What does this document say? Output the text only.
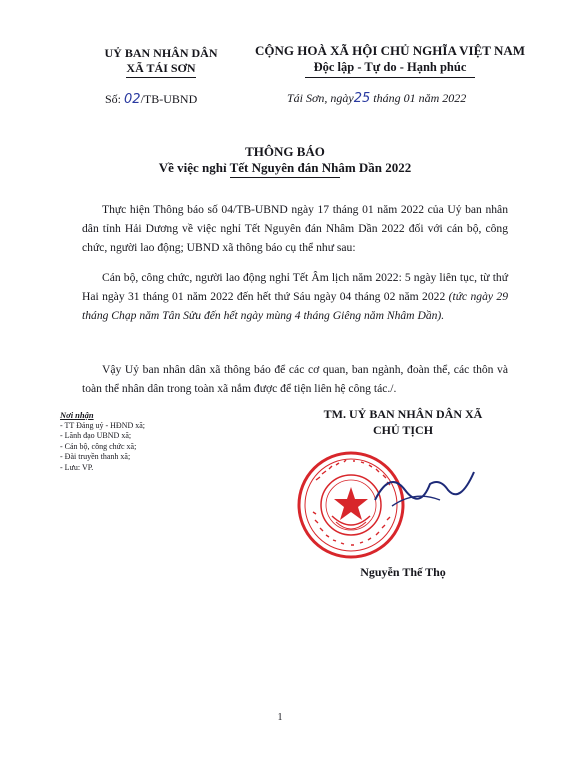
UỶ BAN NHÂN DÂN
XÃ TÁI SƠN
CỘNG HOÀ XÃ HỘI CHỦ NGHĨA VIỆT NAM
Độc lập - Tự do - Hạnh phúc
Số: 02/TB-UBND	Tái Sơn, ngày25 tháng 01 năm 2022
THÔNG BÁO
Về việc nghỉ Tết Nguyên đán Nhâm Dần 2022

Thực hiện Thông báo số 04/TB-UBND ngày 17 tháng 01 năm 2022 của Uỷ ban nhân dân tỉnh Hải Dương về việc nghỉ Tết Nguyên đán Nhâm Dần 2022 đối với cán bộ, công chức, người lao động; UBND xã thông báo cụ thể như sau:

Cán bộ, công chức, người lao động nghỉ Tết Âm lịch năm 2022: 5 ngày liên tục, từ thứ Hai ngày 31 tháng 01 năm 2022 đến hết thứ Sáu ngày 04 tháng 02 năm 2022 (tức ngày 29 tháng Chạp năm Tân Sửu đến hết ngày mùng 4 tháng Giêng năm Nhâm Dần).

Vậy Uỷ ban nhân dân xã thông báo để các cơ quan, ban ngành, đoàn thể, các thôn và toàn thể nhân dân trong toàn xã nắm được để tiện liên hệ công tác./.

Nơi nhận
- TT Đảng uỷ - HĐND xã;
- Lãnh đạo UBND xã;
- Cán bộ, công chức xã;
- Đài truyền thanh xã;
- Lưu: VP.
TM. UỶ BAN NHÂN DÂN XÃ
CHỦ TỊCH
Nguyễn Thế Thọ
1
